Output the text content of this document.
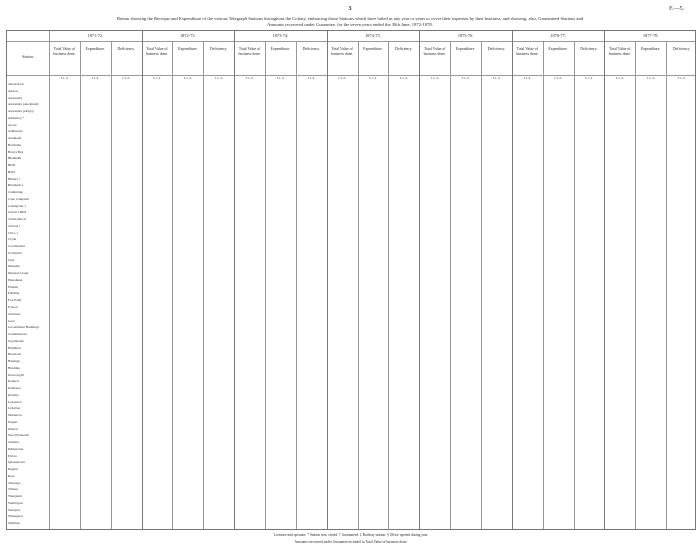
3	F.—5.
Return showing the Receipts and Expenditure of the various Telegraph Stations throughout the Colony, embracing those Stations which have failed in any year or years to cover their expenses by their business, and showing, also, Guaranteed Stations and
Amounts recovered under Guarantee, for the seven years ended the 30th June, 1872-1878.
Station.
1871-72.
Total Value of business done.
£ s. d.
Expenditure.
£ s. d.
Deficiency.
£ s. d.
1872-73.
Total Value of business done.
£ s. d.
Expenditure.
£ s. d.
Deficiency.
£ s. d.
1873-74.
Total Value of business done.
£ s. d.
Expenditure.
£ s. d.
Deficiency.
£ s. d.
1874-75.
Total Value of business done.
£ s. d.
Expenditure.
£ s. d.
Deficiency.
£ s. d.
1875-76.
Total Value of business done.
£ s. d.
Expenditure.
£ s. d.
Deficiency.
£ s. d.
1876-77.
Total Value of business done.
£ s. d.
Expenditure.
£ s. d.
Deficiency.
£ s. d.
1877-78.
Total Value of business done.
£ s. d.
Expenditure.
£ s. d.
Deficiency.
£ s. d.
Abbotsford
Akaroa
Alexandra
Alexandra (Auckland)
Alexandra (Otago)
Amberley *
Arrow
Ashburton
Auckland
Balclutha
Barrys Bay
Blenheim
Bluff
Bulls
Bullers †
Burnham ‡
Cambridge
Cape Campbell
Castlepoint †
Cheviot Hills
Christchurch
Clinton †
Clive †
Clyde
Coromandel
Cromwell
Cust
Dunedin
Dunstan Creek
Eketahuna
Eltham
Feilding
Fox Point
Foxton
Gisborne
Gore
Government Buildings
Grahamstown
Greymouth
Hamilton
Havelock
Hastings
Hokitika
Invercargill
Kaiapoi
Kaikoura
Kawhia
Lawrence
Lyttelton
Masterton
Napier
Nelson
New Plymouth
Oamaru
Palmerston
Picton
Queenstown
Raglan
Ross
Tauranga
Timaru
Wanganui
Wellington
Westport
Whangarei
Waimate
Licensee and operator. * Station now closed. † Guaranteed. ‡ Railway station. § Office opened during year.
Amounts recovered under Guarantee included in Total Value of business done.
